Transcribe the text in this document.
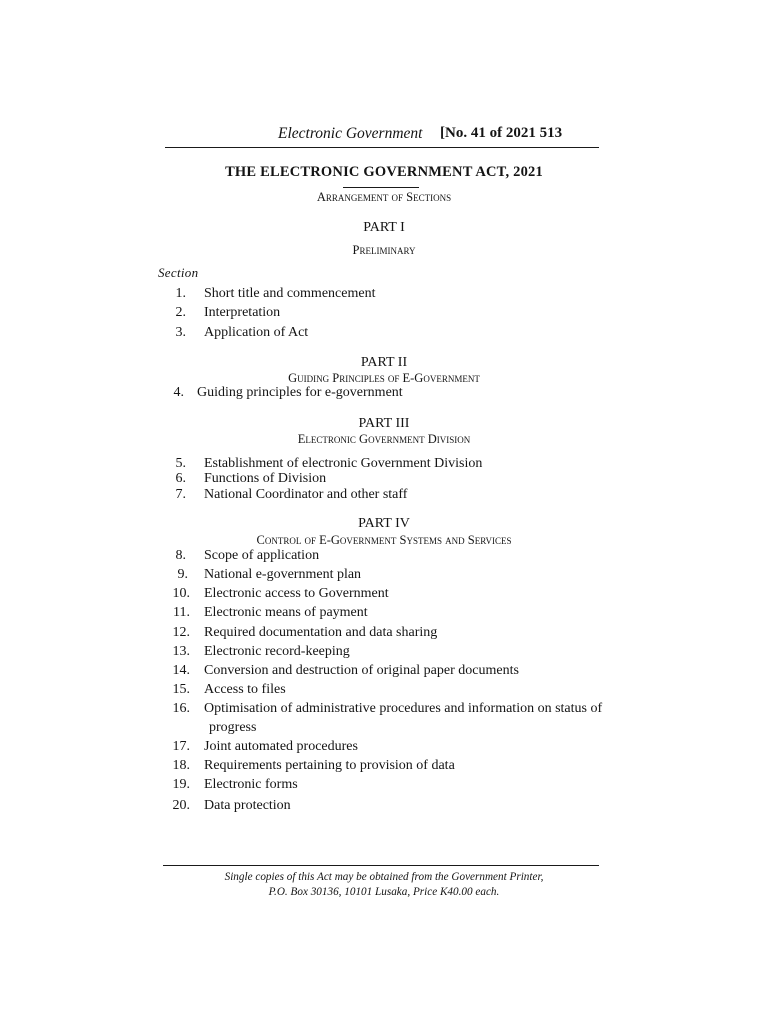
Electronic Government [No. 41 of 2021 513
THE ELECTRONIC GOVERNMENT ACT, 2021
Arrangement of Sections
PART I
Preliminary
Section
1. Short title and commencement
2. Interpretation
3. Application of Act
PART II
Guiding Principles of E-Government
4. Guiding principles for e-government
PART III
Electronic Government Division
5. Establishment of electronic Government Division
6. Functions of Division
7. National Coordinator and other staff
PART IV
Control of E-Government Systems and Services
8. Scope of application
9. National e-government plan
10. Electronic access to Government
11. Electronic means of payment
12. Required documentation and data sharing
13. Electronic record-keeping
14. Conversion and destruction of original paper documents
15. Access to files
16. Optimisation of administrative procedures and information on status of
progress
17. Joint automated procedures
18. Requirements pertaining to provision of data
19. Electronic forms
20. Data protection
Single copies of this Act may be obtained from the Government Printer,
P.O. Box 30136, 10101 Lusaka, Price K40.00 each.
